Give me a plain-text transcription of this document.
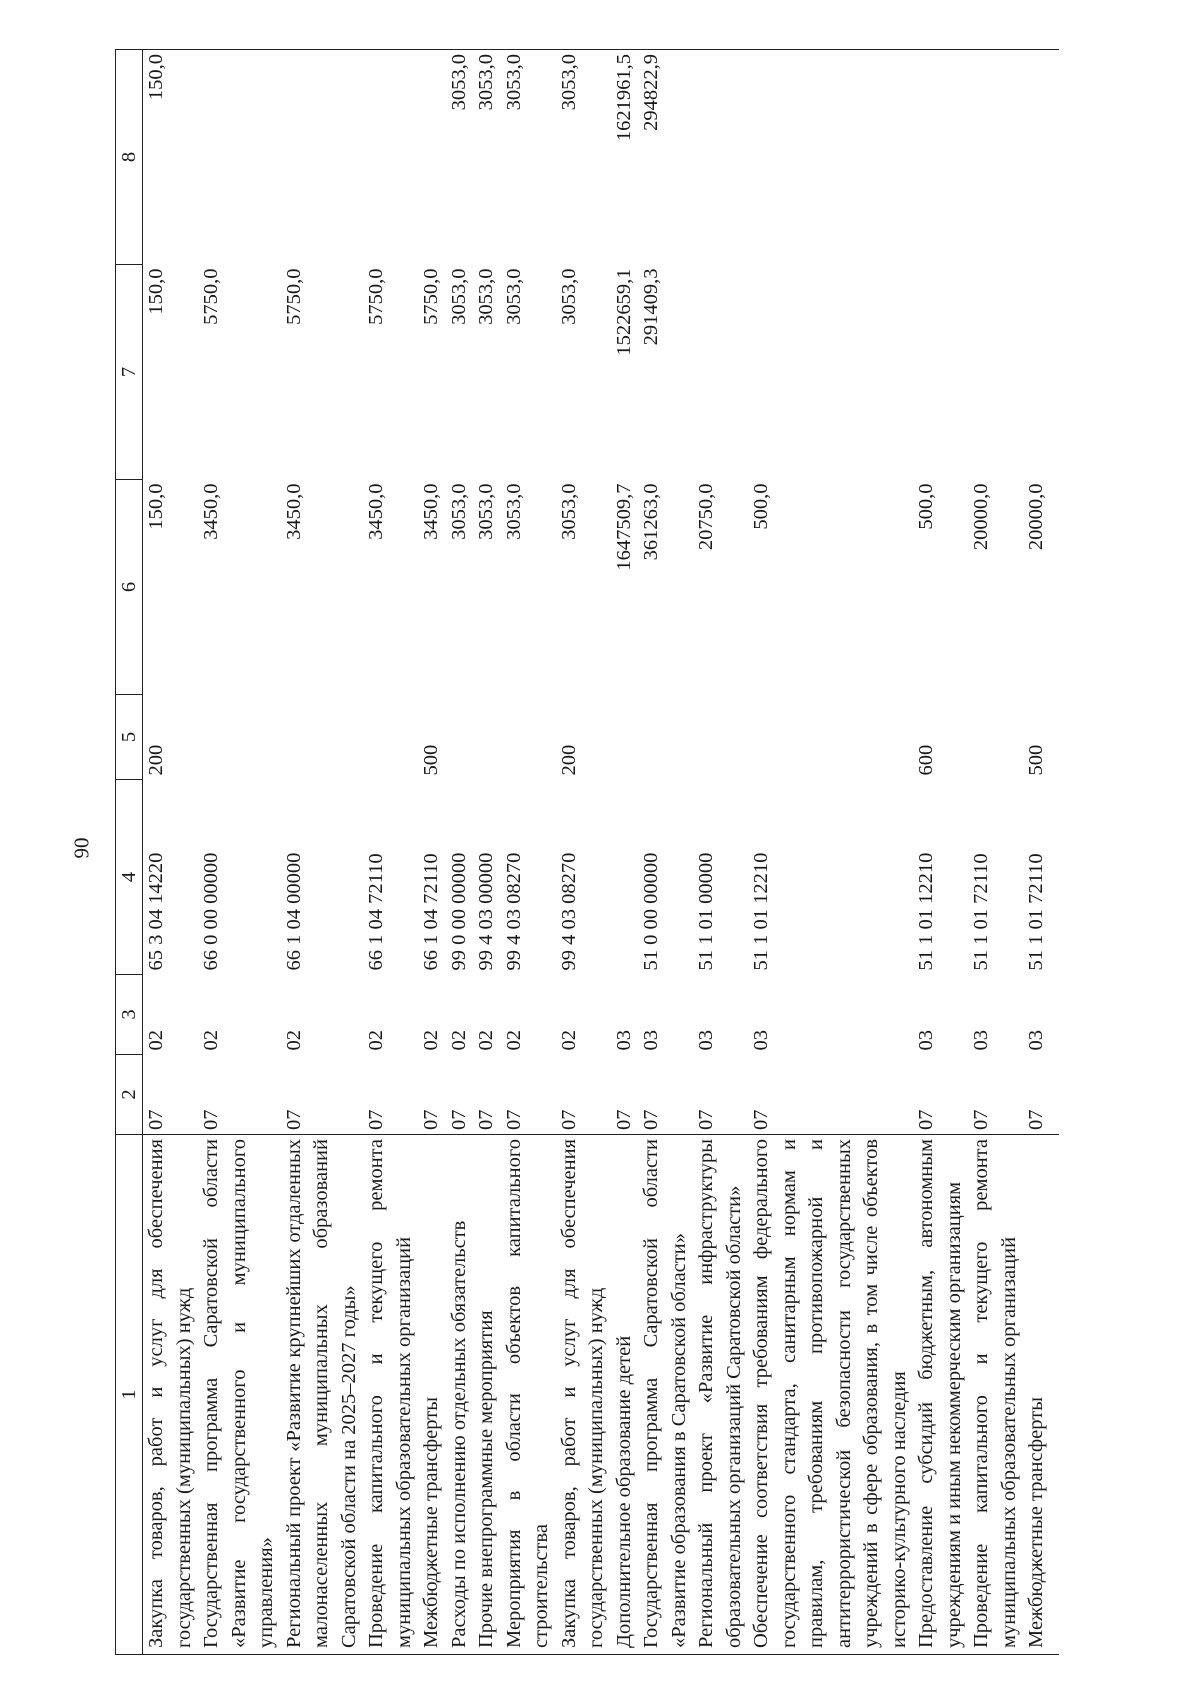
90
1	2	3	4	5	6	7	8

Закупка товаров, работ и услуг для обеспечения государственных (муниципальных) нужд	07	02	65 3 04 14220	200	150,0	150,0	150,0

Государственная программа Саратовской области «Развитие государственного и муниципального управления»	07	02	66 0 00 00000		3450,0	5750,0	

Региональный проект «Развитие крупнейших отдаленных малонаселенных муниципальных образований Саратовской области на 2025–2027 годы»	07	02	66 1 04 00000		3450,0	5750,0	

Проведение капитального и текущего ремонта муниципальных образовательных организаций	07	02	66 1 04 72110		3450,0	5750,0	

Межбюджетные трансферты	07	02	66 1 04 72110	500	3450,0	5750,0	

Расходы по исполнению отдельных обязательств	07	02	99 0 00 00000		3053,0	3053,0	3053,0

Прочие внепрограммные мероприятия	07	02	99 4 03 00000		3053,0	3053,0	3053,0

Мероприятия в области объектов капитального строительства	07	02	99 4 03 08270		3053,0	3053,0	3053,0

Закупка товаров, работ и услуг для обеспечения государственных (муниципальных) нужд	07	02	99 4 03 08270	200	3053,0	3053,0	3053,0

Дополнительное образование детей	07	03			1647509,7	1522659,1	1621961,5

Государственная программа Саратовской области «Развитие образования в Саратовской области»	07	03	51 0 00 00000		361263,0	291409,3	294822,9

Региональный проект «Развитие инфраструктуры образовательных организаций Саратовской области»	07	03	51 1 01 00000		20750,0		

Обеспечение соответствия требованиям федерального государственного стандарта, санитарным нормам и правилам, требованиям противопожарной и антитеррористической безопасности государственных учреждений в сфере образования, в том числе объектов историко-культурного наследия	07	03	51 1 01 12210		500,0		

Предоставление субсидий бюджетным, автономным учреждениям и иным некоммерческим организациям	07	03	51 1 01 12210	600	500,0		

Проведение капитального и текущего ремонта муниципальных образовательных организаций	07	03	51 1 01 72110		20000,0		

Межбюджетные трансферты	07	03	51 1 01 72110	500	20000,0		
